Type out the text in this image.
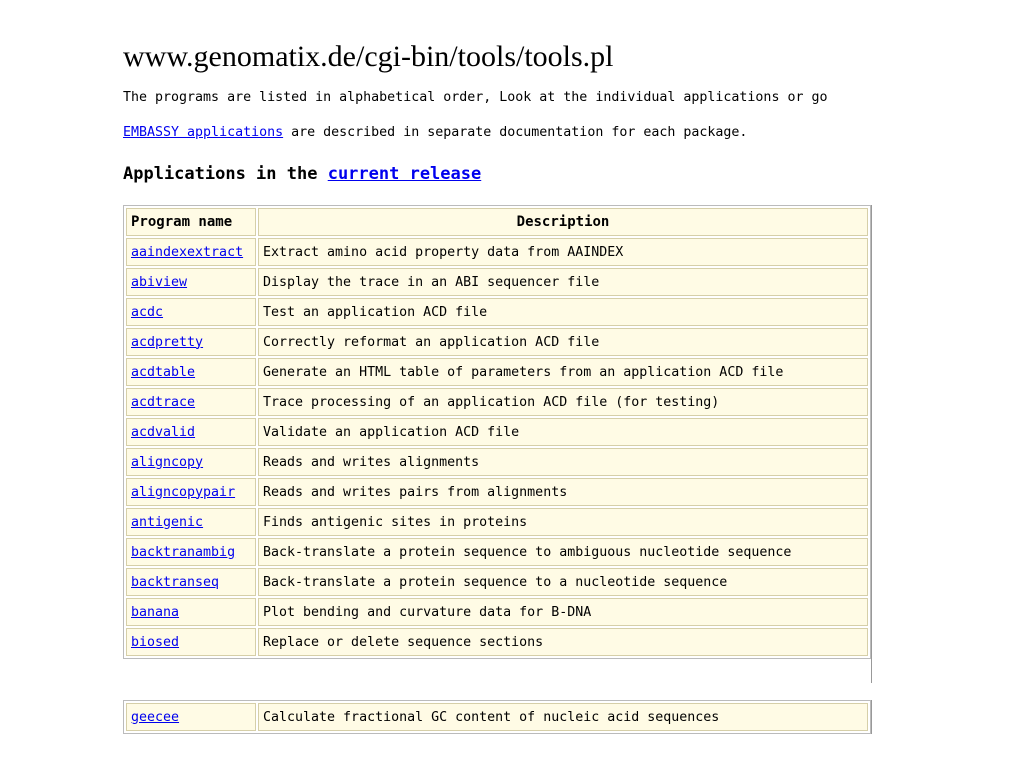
www.genomatix.de/cgi-bin/tools/tools.pl
The programs are listed in alphabetical order, Look at the individual applications or go
EMBASSY applications are described in separate documentation for each package.
Applications in the current release
Program name	Description
aaindexextract	Extract amino acid property data from AAINDEX
abiview	Display the trace in an ABI sequencer file
acdc	Test an application ACD file
acdpretty	Correctly reformat an application ACD file
acdtable	Generate an HTML table of parameters from an application ACD file
acdtrace	Trace processing of an application ACD file (for testing)
acdvalid	Validate an application ACD file
aligncopy	Reads and writes alignments
aligncopypair	Reads and writes pairs from alignments
antigenic	Finds antigenic sites in proteins
backtranambig	Back-translate a protein sequence to ambiguous nucleotide sequence
backtranseq	Back-translate a protein sequence to a nucleotide sequence
banana	Plot bending and curvature data for B-DNA
biosed	Replace or delete sequence sections
geecee	Calculate fractional GC content of nucleic acid sequences
